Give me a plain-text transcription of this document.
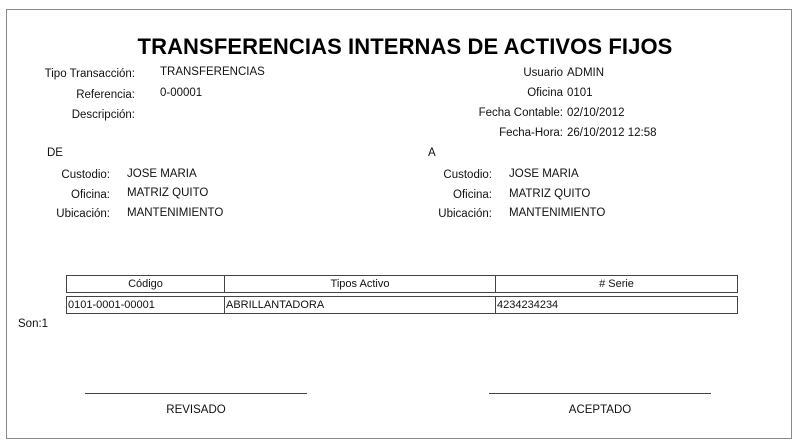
TRANSFERENCIAS INTERNAS DE ACTIVOS FIJOS
Tipo Transacción: TRANSFERENCIAS
Referencia: 0-00001
Descripción:
Usuario ADMIN
Oficina 0101
Fecha Contable: 02/10/2012
Fecha-Hora: 26/10/2012 12:58
DE
Custodio: JOSE MARIA
Oficina: MATRIZ QUITO
Ubicación: MANTENIMIENTO
A
Custodio: JOSE MARIA
Oficina: MATRIZ QUITO
Ubicación: MANTENIMIENTO
Código	Tipos Activo	# Serie
0101-0001-00001	ABRILLANTADORA	4234234234
Son:1
REVISADO	ACEPTADO
